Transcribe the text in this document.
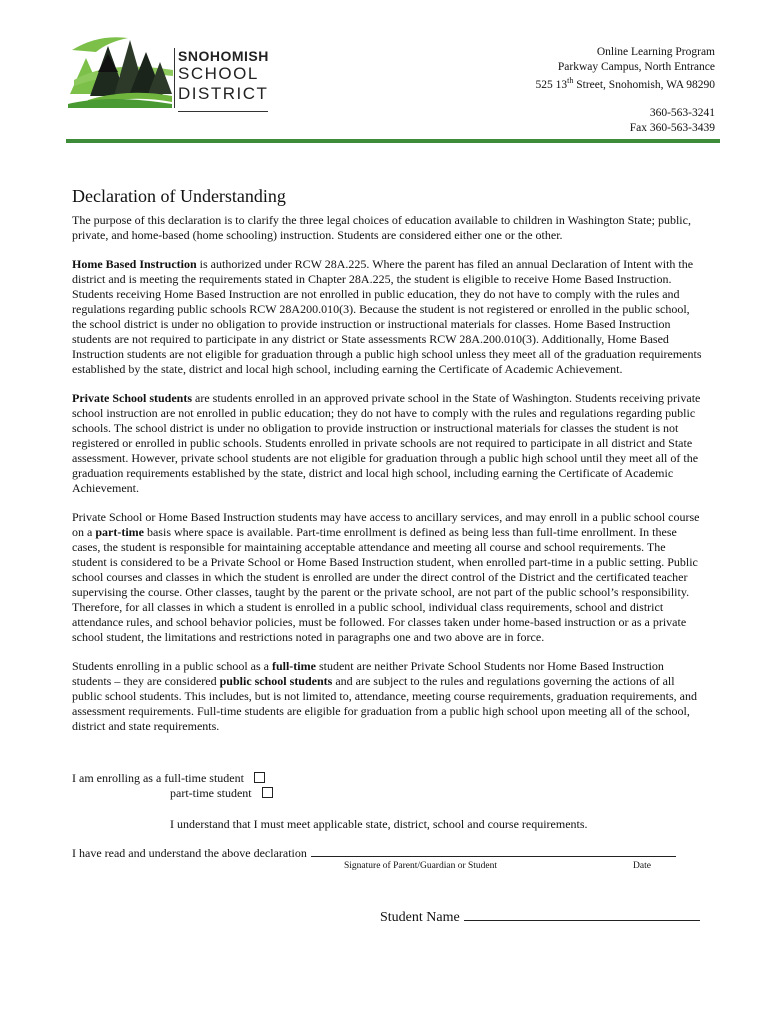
SNOHOMISH
SCHOOL
DISTRICT
Online Learning Program
Parkway Campus, North Entrance
525 13th Street, Snohomish, WA 98290
360-563-3241
Fax 360-563-3439
Declaration of Understanding

The purpose of this declaration is to clarify the three legal choices of education available to children in Washington State; public, private, and home-based (home schooling) instruction. Students are considered either one or the other.

Home Based Instruction is authorized under RCW 28A.225. Where the parent has filed an annual Declaration of Intent with the district and is meeting the requirements stated in Chapter 28A.225, the student is eligible to receive Home Based Instruction. Students receiving Home Based Instruction are not enrolled in public education, they do not have to comply with the rules and regulations regarding public schools RCW 28A200.010(3). Because the student is not registered or enrolled in the public school, the school district is under no obligation to provide instruction or instructional materials for classes. Home Based Instruction students are not required to participate in any district or State assessments RCW 28A.200.010(3). Additionally, Home Based Instruction students are not eligible for graduation through a public high school unless they meet all of the graduation requirements established by the state, district and local high school, including earning the Certificate of Academic Achievement.

Private School students are students enrolled in an approved private school in the State of Washington. Students receiving private school instruction are not enrolled in public education; they do not have to comply with the rules and regulations regarding public schools. The school district is under no obligation to provide instruction or instructional materials for classes the student is not registered or enrolled in public schools. Students enrolled in private schools are not required to participate in all district and State assessment. However, private school students are not eligible for graduation through a public high school until they meet all of the graduation requirements established by the state, district and local high school, including earning the Certificate of Academic Achievement.

Private School or Home Based Instruction students may have access to ancillary services, and may enroll in a public school course on a part-time basis where space is available. Part-time enrollment is defined as being less than full-time enrollment. In these cases, the student is responsible for maintaining acceptable attendance and meeting all course and school requirements. The student is considered to be a Private School or Home Based Instruction student, when enrolled part-time in a public setting. Public school courses and classes in which the student is enrolled are under the direct control of the District and the certificated teacher supervising the course. Other classes, taught by the parent or the private school, are not part of the public school’s responsibility. Therefore, for all classes in which a student is enrolled in a public school, individual class requirements, school and district attendance rules, and school behavior policies, must be followed. For classes taken under home-based instruction or as a private school student, the limitations and restrictions noted in paragraphs one and two above are in force.

Students enrolling in a public school as a full-time student are neither Private School Students nor Home Based Instruction students – they are considered public school students and are subject to the rules and regulations governing the actions of all public school students. This includes, but is not limited to, attendance, meeting course requirements, graduation requirements, and assessment requirements. Full-time students are eligible for graduation from a public high school upon meeting all of the school, district and state requirements.

I am enrolling as a full-time student
part-time student
I understand that I must meet applicable state, district, school and course requirements.
I have read and understand the above declaration
Signature of Parent/Guardian or Student	Date
Student Name
